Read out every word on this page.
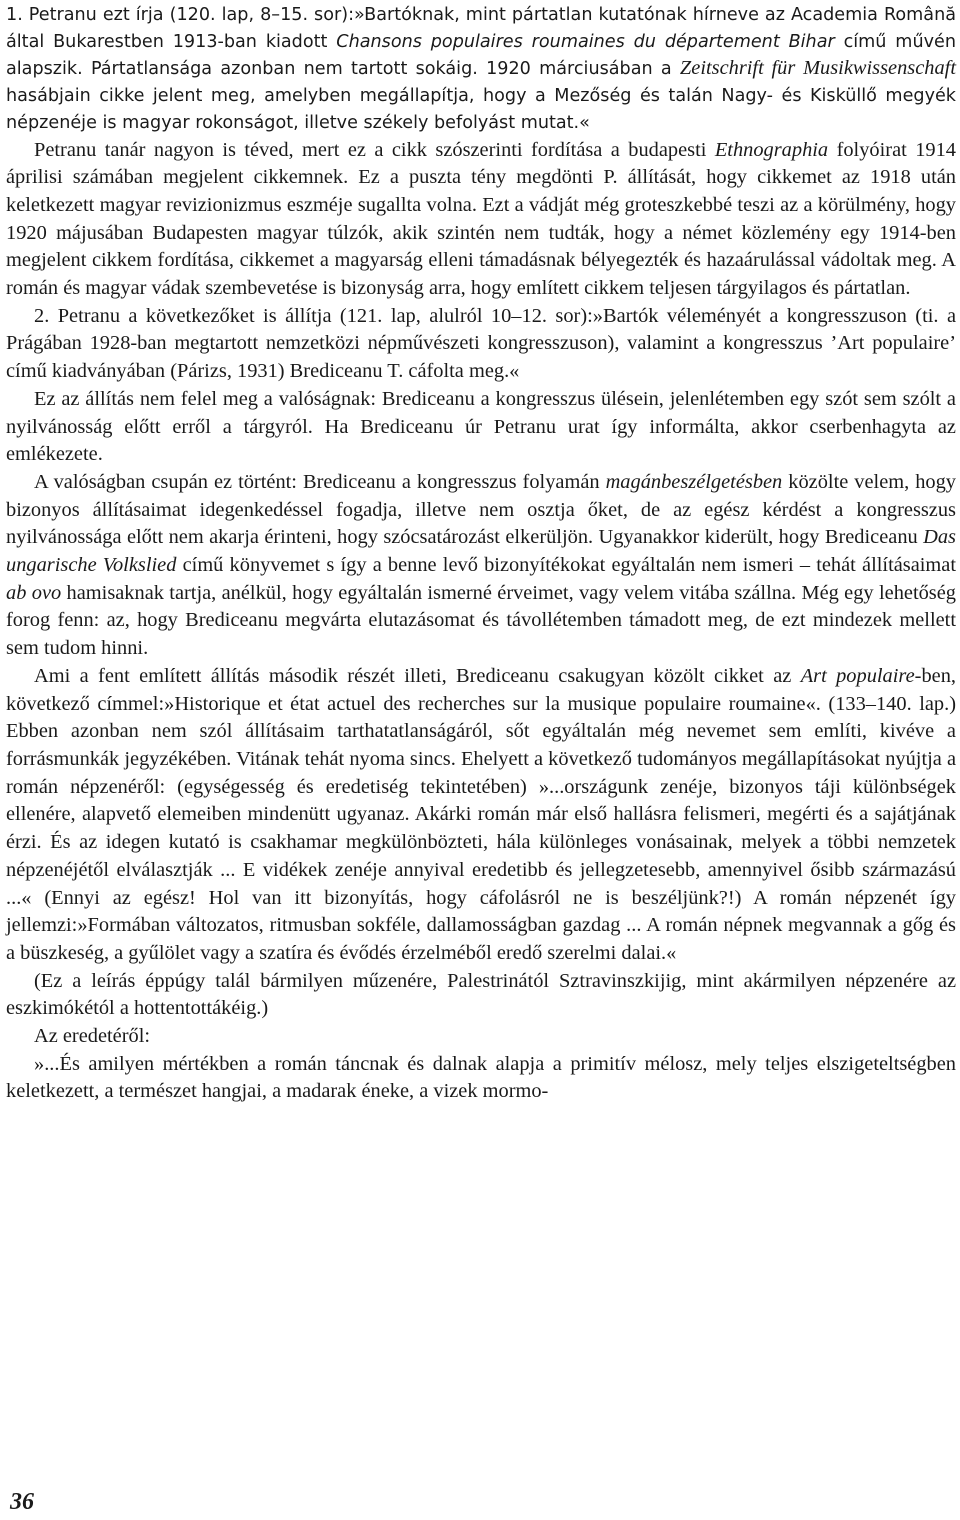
1. Petranu ezt írja (120. lap, 8–15. sor):»Bartóknak, mint pártatlan kutatónak hírneve az Academia Română által Bukarestben 1913-ban kiadott Chansons populaires roumaines du département Bihar című művén alapszik. Pártatlansága azonban nem tartott sokáig. 1920 márciusában a Zeitschrift für Musikwissenschaft hasábjain cikke jelent meg, amelyben megállapítja, hogy a Mezőség és talán Nagy- és Kisküllő megyék népzenéje is magyar rokonságot, illetve székely befolyást mutat.«

Petranu tanár nagyon is téved, mert ez a cikk szószerinti fordítása a budapesti Ethnographia folyóirat 1914 áprilisi számában megjelent cikkemnek. Ez a puszta tény megdönti P. állítását, hogy cikkemet az 1918 után keletkezett magyar revizionizmus eszméje sugallta volna. Ezt a vádját még groteszkebbé teszi az a körülmény, hogy 1920 májusában Budapesten magyar túlzók, akik szintén nem tudták, hogy a német közlemény egy 1914-ben megjelent cikkem fordítása, cikkemet a magyarság elleni támadásnak bélyegezték és hazaárulással vádoltak meg. A román és magyar vádak szembevetése is bizonyság arra, hogy említett cikkem teljesen tárgyilagos és pártatlan.

2. Petranu a következőket is állítja (121. lap, alulról 10–12. sor):»Bartók véleményét a kongresszuson (ti. a Prágában 1928-ban megtartott nemzetközi népművészeti kongresszuson), valamint a kongresszus ’Art populaire’ című kiadványában (Párizs, 1931) Brediceanu T. cáfolta meg.«

Ez az állítás nem felel meg a valóságnak: Brediceanu a kongresszus ülésein, jelenlétemben egy szót sem szólt a nyilvánosság előtt erről a tárgyról. Ha Brediceanu úr Petranu urat így informálta, akkor cserbenhagyta az emlékezete.

A valóságban csupán ez történt: Brediceanu a kongresszus folyamán magánbeszélgetésben közölte velem, hogy bizonyos állításaimat idegenkedéssel fogadja, illetve nem osztja őket, de az egész kérdést a kongresszus nyilvánossága előtt nem akarja érinteni, hogy szócsatározást elkerüljön. Ugyanakkor kiderült, hogy Brediceanu Das ungarische Volkslied című könyvemet s így a benne levő bizonyítékokat egyáltalán nem ismeri – tehát állításaimat ab ovo hamisaknak tartja, anélkül, hogy egyáltalán ismerné érveimet, vagy velem vitába szállna. Még egy lehetőség forog fenn: az, hogy Brediceanu megvárta elutazásomat és távollétemben támadott meg, de ezt mindezek mellett sem tudom hinni.

Ami a fent említett állítás második részét illeti, Brediceanu csakugyan közölt cikket az Art populaire-ben, következő címmel:»Historique et état actuel des recherches sur la musique populaire roumaine«. (133–140. lap.) Ebben azonban nem szól állításaim tarthatatlanságáról, sőt egyáltalán még nevemet sem említi, kivéve a forrásmunkák jegyzékében. Vitának tehát nyoma sincs. Ehelyett a következő tudományos megállapításokat nyújtja a román népzenéről: (egységesség és eredetiség tekintetében) »...országunk zenéje, bizonyos táji különbségek ellenére, alapvető elemeiben mindenütt ugyanaz. Akárki román már első hallásra felismeri, megérti és a sajátjának érzi. És az idegen kutató is csakhamar megkülönbözteti, hála különleges vonásainak, melyek a többi nemzetek népzenéjétől elválasztják ... E vidékek zenéje annyival eredetibb és jellegzetesebb, amennyivel ősibb származású ...« (Ennyi az egész! Hol van itt bizonyítás, hogy cáfolásról ne is beszéljünk?!) A román népzenét így jellemzi:»Formában változatos, ritmusban sokféle, dallamosságban gazdag ... A román népnek megvannak a gőg és a büszkeség, a gyűlölet vagy a szatíra és évődés érzelméből eredő szerelmi dalai.«

(Ez a leírás éppúgy talál bármilyen műzenére, Palestrinától Sztravinszkijig, mint akármilyen népzenére az eszkimókétól a hottentottákéig.)

Az eredetéről:

»...És amilyen mértékben a román táncnak és dalnak alapja a primitív mélosz, mely teljes elszigeteltségben keletkezett, a természet hangjai, a madarak éneke, a vizek mormo-

36
